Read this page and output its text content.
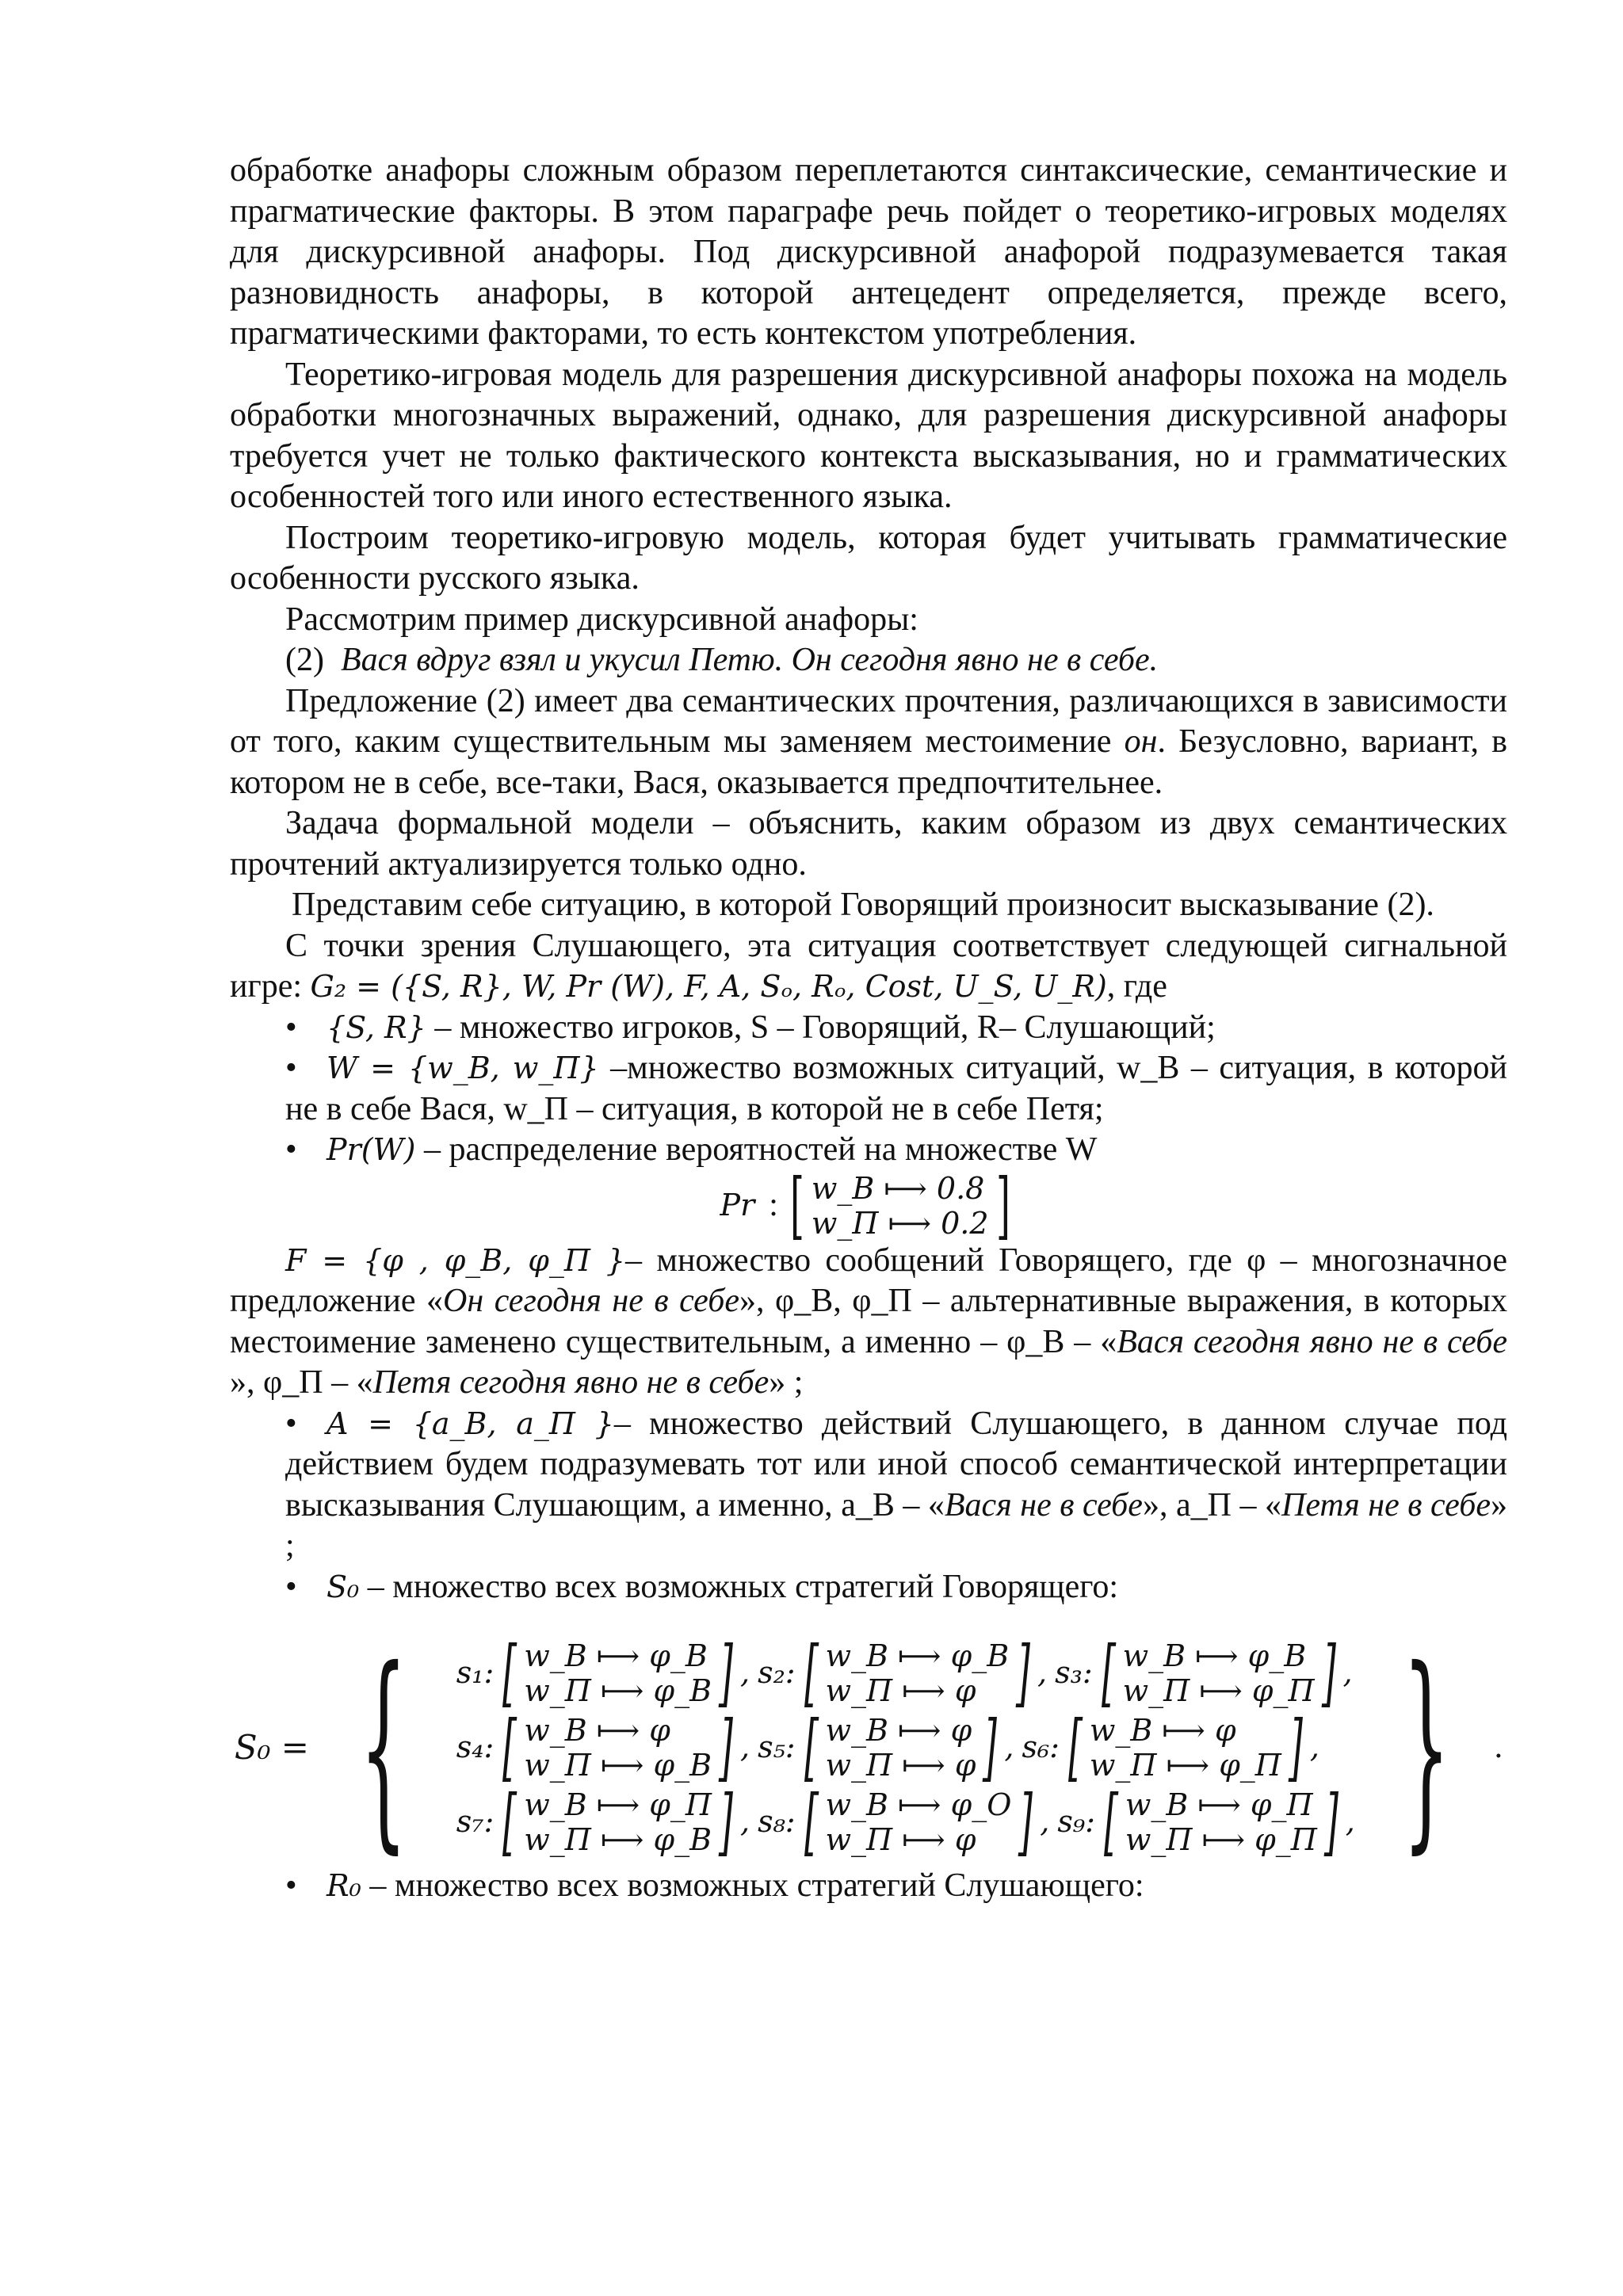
обработке анафоры сложным образом переплетаются синтаксические, семантические и прагматические факторы. В этом параграфе речь пойдет о теоретико-игровых моделях для дискурсивной анафоры. Под дискурсивной анафорой подразумевается такая разновидность анафоры, в которой антецедент определяется, прежде всего, прагматическими факторами, то есть контекстом употребления.

Теоретико-игровая модель для разрешения дискурсивной анафоры похожа на модель обработки многозначных выражений, однако, для разрешения дискурсивной анафоры требуется учет не только фактического контекста высказывания, но и грамматических особенностей того или иного естественного языка.

Построим теоретико-игровую модель, которая будет учитывать грамматические особенности русского языка.

Рассмотрим пример дискурсивной анафоры:

(2) Вася вдруг взял и укусил Петю. Он сегодня явно не в себе.

Предложение (2) имеет два семантических прочтения, различающихся в зависимости от того, каким существительным мы заменяем местоимение он. Безусловно, вариант, в котором не в себе, все-таки, Вася, оказывается предпочтительнее.

Задача формальной модели – объяснить, каким образом из двух семантических прочтений актуализируется только одно.

Представим себе ситуацию, в которой Говорящий произносит высказывание (2).

С точки зрения Слушающего, эта ситуация соответствует следующей сигнальной игре: G₂ = ({S, R}, W, Pr (W), F, A, Sₒ, Rₒ, Cost, U_S, U_R), где

• {S, R} – множество игроков, S – Говорящий, R– Слушающий;

• W = {w_В, w_П} –множество возможных ситуаций, w_В – ситуация, в которой не в себе Вася, w_П – ситуация, в которой не в себе Петя;

• Pr(W) – распределение вероятностей на множестве W

Pr : [ w_В ⟼ 0.8
w_П ⟼ 0.2 ]

F = {φ , φ_В, φ_П }– множество сообщений Говорящего, где φ – многозначное предложение «Он сегодня не в себе», φ_B, φ_П – альтернативные выражения, в которых местоимение заменено существительным, а именно – φ_В – «Вася сегодня явно не в себе », φ_П – «Петя сегодня явно не в себе» ;

• A = {a_В, a_П }– множество действий Слушающего, в данном случае под действием будем подразумевать тот или иной способ семантической интерпретации высказывания Слушающим, а именно, a_В – «Вася не в себе», a_П – «Петя не в себе» ;

• S₀ – множество всех возможных стратегий Говорящего:

S₀ = { s₁: [ w_В ⟼ φ_В
w_П ⟼ φ_В ] , s₂: [ w_В ⟼ φ_В
w_П ⟼ φ ] , s₃: [ w_В ⟼ φ_В
w_П ⟼ φ_П ] ,
s₄: [ w_В ⟼ φ
w_П ⟼ φ_В ] , s₅: [ w_В ⟼ φ
w_П ⟼ φ ] , s₆: [ w_В ⟼ φ
w_П ⟼ φ_П ] ,
s₇: [ w_В ⟼ φ_П
w_П ⟼ φ_В ] , s₈: [ w_В ⟼ φ_О
w_П ⟼ φ ] , s₉: [ w_В ⟼ φ_П
w_П ⟼ φ_П ] , } .

• R₀ – множество всех возможных стратегий Слушающего:
